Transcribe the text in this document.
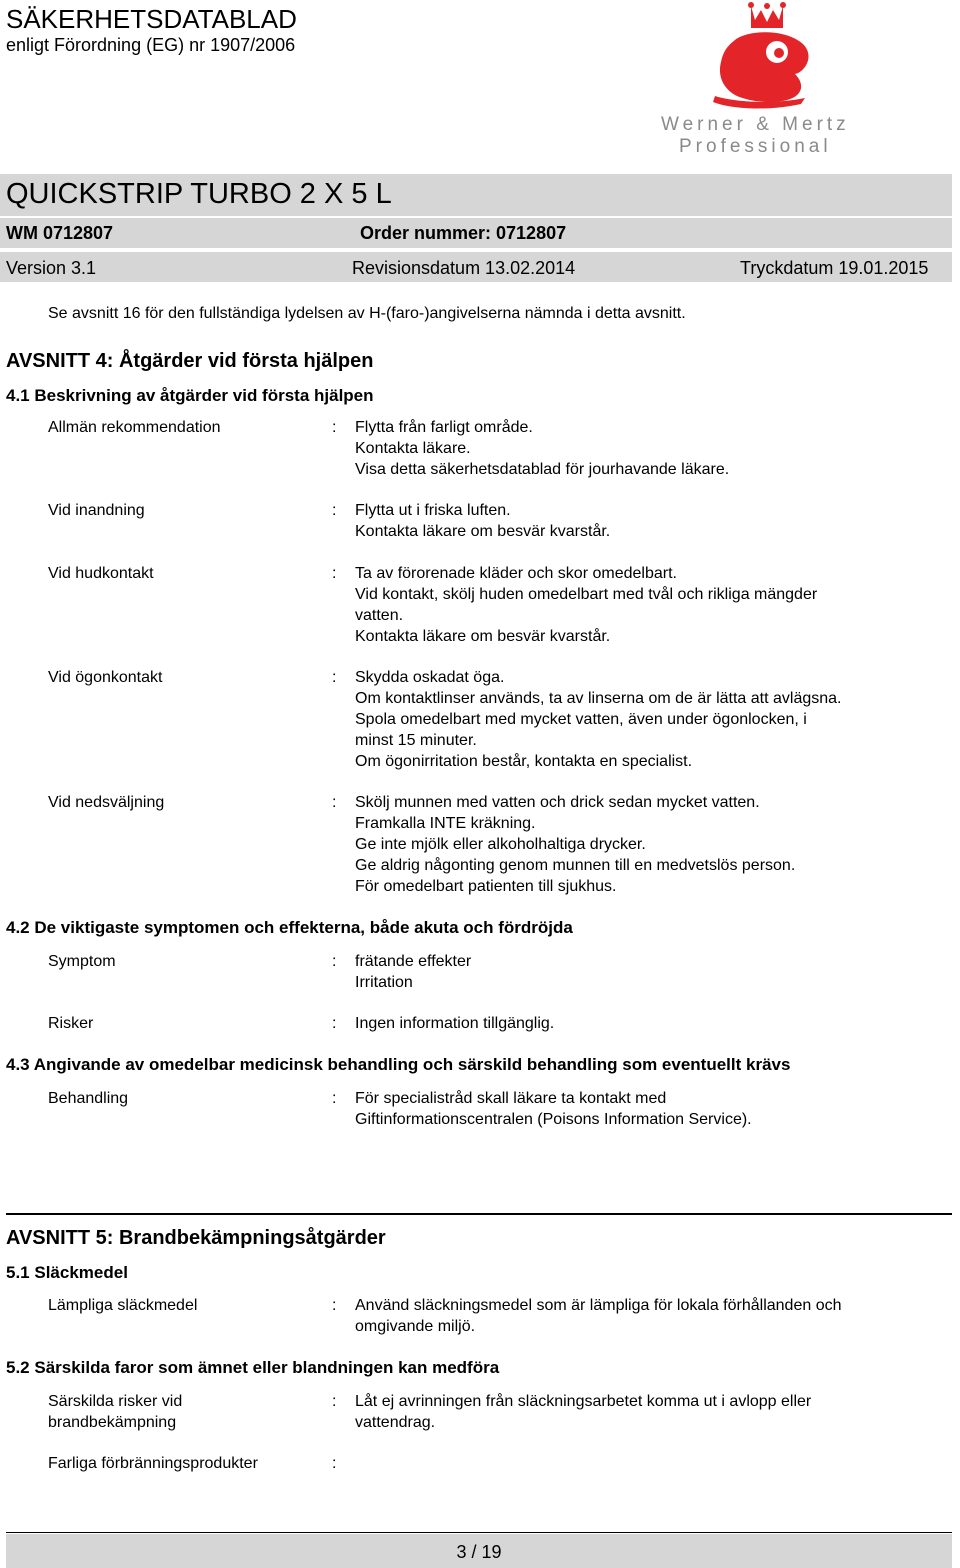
SÄKERHETSDATABLAD
enligt Förordning (EG) nr 1907/2006
Werner & Mertz
Professional
QUICKSTRIP TURBO 2 X 5 L
WM 0712807	Order nummer: 0712807
Version 3.1	Revisionsdatum 13.02.2014	Tryckdatum 19.01.2015
Se avsnitt 16 för den fullständiga lydelsen av H-(faro-)angivelserna nämnda i detta avsnitt.
AVSNITT 4: Åtgärder vid första hjälpen
4.1 Beskrivning av åtgärder vid första hjälpen
Allmän rekommendation	: Flytta från farligt område.
Kontakta läkare.
Visa detta säkerhetsdatablad för jourhavande läkare.
Vid inandning	: Flytta ut i friska luften.
Kontakta läkare om besvär kvarstår.
Vid hudkontakt	: Ta av förorenade kläder och skor omedelbart.
Vid kontakt, skölj huden omedelbart med tvål och rikliga mängder
vatten.
Kontakta läkare om besvär kvarstår.
Vid ögonkontakt	: Skydda oskadat öga.
Om kontaktlinser används, ta av linserna om de är lätta att avlägsna.
Spola omedelbart med mycket vatten, även under ögonlocken, i
minst 15 minuter.
Om ögonirritation består, kontakta en specialist.
Vid nedsväljning	: Skölj munnen med vatten och drick sedan mycket vatten.
Framkalla INTE kräkning.
Ge inte mjölk eller alkoholhaltiga drycker.
Ge aldrig någonting genom munnen till en medvetslös person.
För omedelbart patienten till sjukhus.
4.2 De viktigaste symptomen och effekterna, både akuta och fördröjda
Symptom	: frätande effekter
Irritation
Risker	: Ingen information tillgänglig.
4.3 Angivande av omedelbar medicinsk behandling och särskild behandling som eventuellt krävs
Behandling	: För specialistråd skall läkare ta kontakt med
Giftinformationscentralen (Poisons Information Service).
AVSNITT 5: Brandbekämpningsåtgärder
5.1 Släckmedel
Lämpliga släckmedel	: Använd släckningsmedel som är lämpliga för lokala förhållanden och
omgivande miljö.
5.2 Särskilda faror som ämnet eller blandningen kan medföra
Särskilda risker vid
brandbekämpning
: Låt ej avrinningen från släckningsarbetet komma ut i avlopp eller
vattendrag.
Farliga förbränningsprodukter	:
3 / 19
